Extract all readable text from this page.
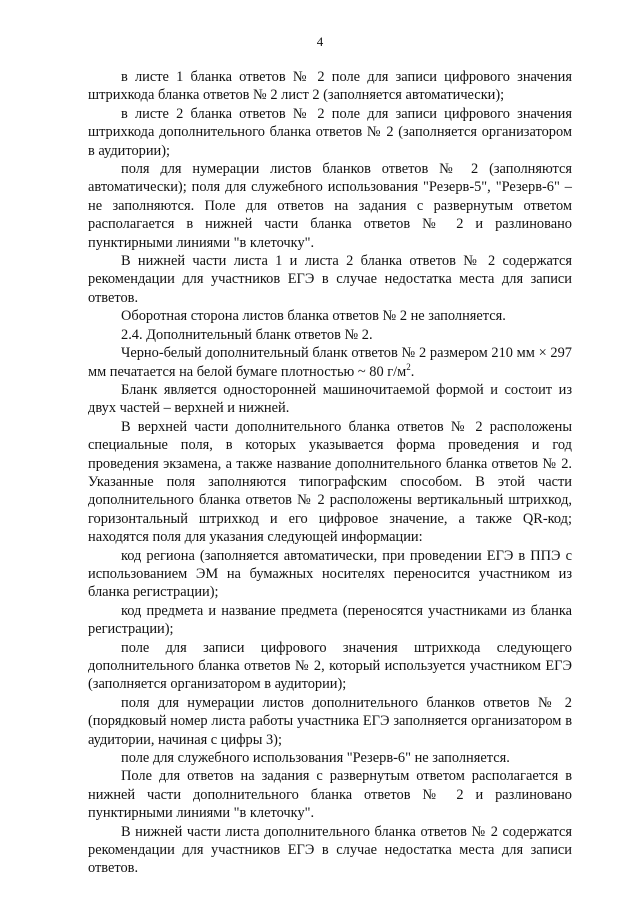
4

в листе 1 бланка ответов № 2 поле для записи цифрового значения штрихкода бланка ответов № 2 лист 2 (заполняется автоматически);

в листе 2 бланка ответов № 2 поле для записи цифрового значения штрихкода дополнительного бланка ответов № 2 (заполняется организатором в аудитории);

поля для нумерации листов бланков ответов № 2 (заполняются автоматически); поля для служебного использования "Резерв-5", "Резерв-6" – не заполняются. Поле для ответов на задания с развернутым ответом располагается в нижней части бланка ответов № 2 и разлиновано пунктирными линиями "в клеточку".

В нижней части листа 1 и листа 2 бланка ответов № 2 содержатся рекомендации для участников ЕГЭ в случае недостатка места для записи ответов.

Оборотная сторона листов бланка ответов № 2 не заполняется.

2.4. Дополнительный бланк ответов № 2.

Черно-белый дополнительный бланк ответов № 2 размером 210 мм × 297 мм печатается на белой бумаге плотностью ~ 80 $г/м^2$.

Бланк является односторонней машиночитаемой формой и состоит из двух частей – верхней и нижней.

В верхней части дополнительного бланка ответов № 2 расположены специальные поля, в которых указывается форма проведения и год проведения экзамена, а также название дополнительного бланка ответов № 2. Указанные поля заполняются типографским способом. В этой части дополнительного бланка ответов № 2 расположены вертикальный штрихкод, горизонтальный штрихкод и его цифровое значение, а также QR-код; находятся поля для указания следующей информации:

код региона (заполняется автоматически, при проведении ЕГЭ в ППЭ с использованием ЭМ на бумажных носителях переносится участником из бланка регистрации);

код предмета и название предмета (переносятся участниками из бланка регистрации);

поле для записи цифрового значения штрихкода следующего дополнительного бланка ответов № 2, который используется участником ЕГЭ (заполняется организатором в аудитории);

поля для нумерации листов дополнительного бланков ответов № 2 (порядковый номер листа работы участника ЕГЭ заполняется организатором в аудитории, начиная с цифры 3);

поле для служебного использования "Резерв-6" не заполняется.

Поле для ответов на задания с развернутым ответом располагается в нижней части дополнительного бланка ответов № 2 и разлиновано пунктирными линиями "в клеточку".

В нижней части листа дополнительного бланка ответов № 2 содержатся рекомендации для участников ЕГЭ в случае недостатка места для записи ответов.
